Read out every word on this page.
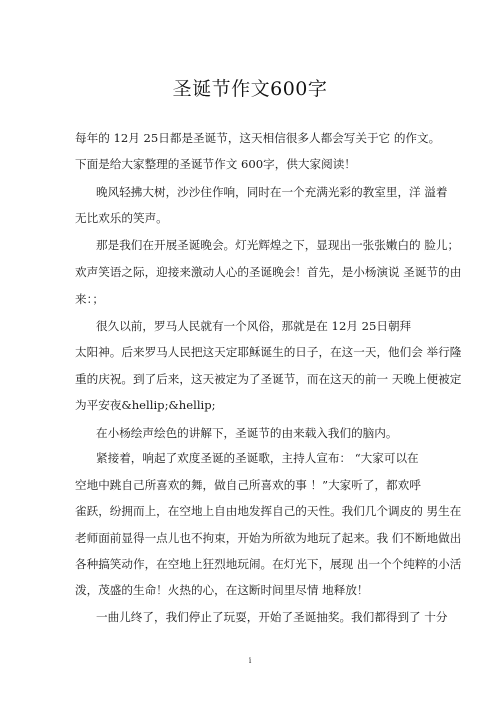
圣诞节作文600字
每年的 12月 25日都是圣诞节，这天相信很多人都会写关于它 的作文。
下面是给大家整理的圣诞节作文 600字，供大家阅读！
晚风轻拂大树，沙沙住作响，同时在一个充满光彩的教室里，洋 溢着
无比欢乐的笑声。
那是我们在开展圣诞晚会。灯光辉煌之下，显现出一张张嫩白的 脸儿；
欢声笑语之际，迎接来激动人心的圣诞晚会！首先，是小杨演说 圣诞节的由
来：；
很久以前，罗马人民就有一个风俗，那就是在 12月 25日朝拜
太阳神。后来罗马人民把这天定耶稣诞生的日子，在这一天，他们会 举行隆
重的庆祝。到了后来，这天被定为了圣诞节，而在这天的前一 天晚上便被定
为平安夜&hellip;&hellip;
在小杨绘声绘色的讲解下，圣诞节的由来载入我们的脑内。
紧接着，响起了欢度圣诞的圣诞歌，主持人宣布： “大家可以在
空地中跳自己所喜欢的舞，做自己所喜欢的事 ！”大家听了，都欢呼
雀跃，纷拥而上，在空地上自由地发挥自己的天性。我们几个调皮的 男生在
老师面前显得一点儿也不拘束，开始为所欲为地玩了起来。我 们不断地做出
各种搞笑动作，在空地上狂烈地玩闹。在灯光下，展现 出一个个纯粹的小活
泼，茂盛的生命！火热的心，在这断时间里尽情 地释放！
一曲儿终了，我们停止了玩耍，开始了圣诞抽奖。我们都得到了 十分
i
